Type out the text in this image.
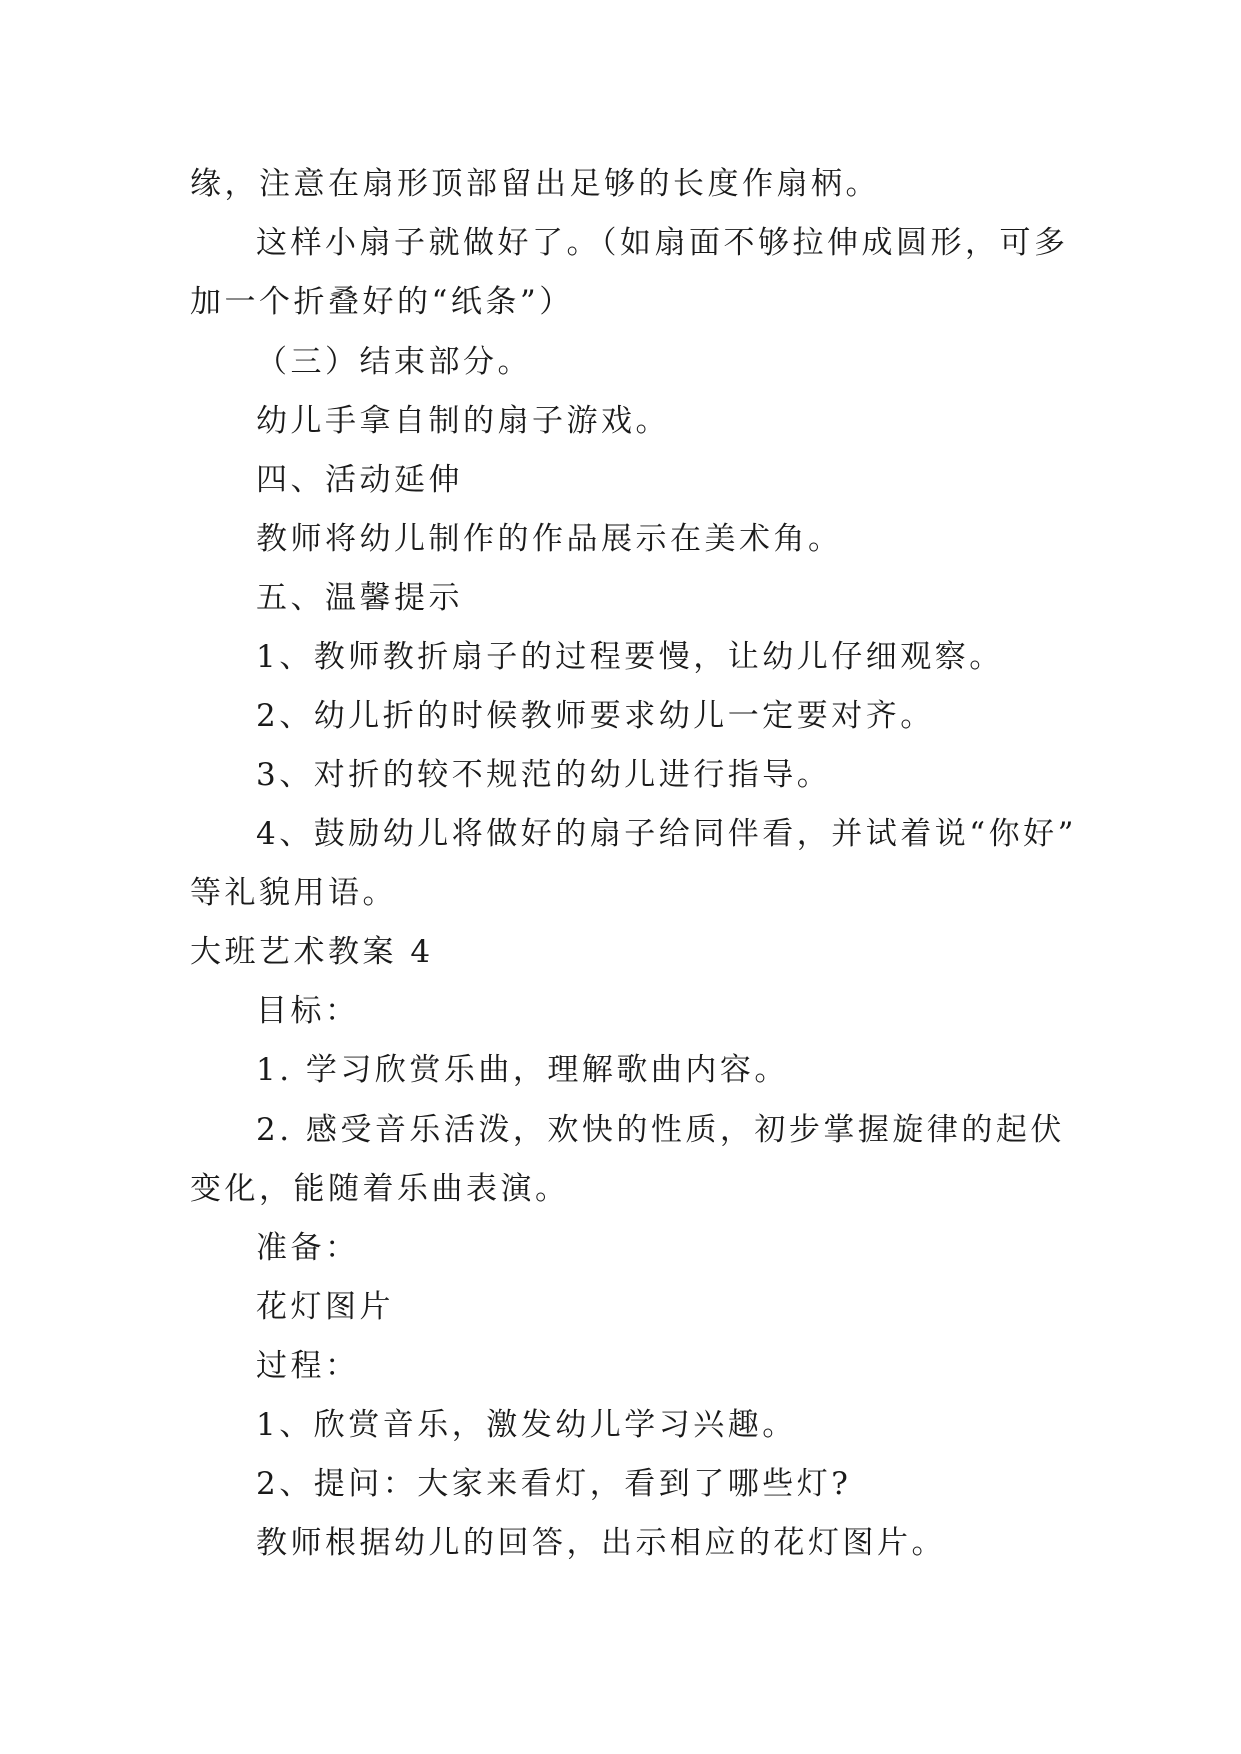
缘，注意在扇形顶部留出足够的长度作扇柄。
这样小扇子就做好了。（如扇面不够拉伸成圆形，可多
加一个折叠好的“纸条”）
（三）结束部分。
幼儿手拿自制的扇子游戏。
四、活动延伸
教师将幼儿制作的作品展示在美术角。
五、温馨提示
1、教师教折扇子的过程要慢，让幼儿仔细观察。
2、幼儿折的时候教师要求幼儿一定要对齐。
3、对折的较不规范的幼儿进行指导。
4、鼓励幼儿将做好的扇子给同伴看，并试着说“你好”
等礼貌用语。
大班艺术教案 4
目标：
1. 学习欣赏乐曲，理解歌曲内容。
2. 感受音乐活泼，欢快的性质，初步掌握旋律的起伏
变化，能随着乐曲表演。
准备：
花灯图片
过程：
1、欣赏音乐，激发幼儿学习兴趣。
2、提问：大家来看灯，看到了哪些灯?
教师根据幼儿的回答，出示相应的花灯图片。
